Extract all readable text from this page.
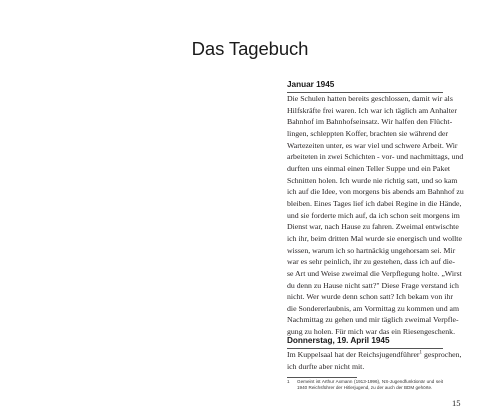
Das Tagebuch
Januar 1945
Die Schulen hatten bereits geschlossen, damit wir als
Hilfskräfte frei waren. Ich war ich täglich am Anhalter
Bahnhof im Bahnhofseinsatz. Wir halfen den Flücht-
lingen, schleppten Koffer, brachten sie während der
Wartezeiten unter, es war viel und schwere Arbeit. Wir
arbeiteten in zwei Schichten - vor- und nachmittags, und
durften uns einmal einen Teller Suppe und ein Paket
Schnitten holen. Ich wurde nie richtig satt, und so kam
ich auf die Idee, von morgens bis abends am Bahnhof zu
bleiben. Eines Tages lief ich dabei Regine in die Hände,
und sie forderte mich auf, da ich schon seit morgens im
Dienst war, nach Hause zu fahren. Zweimal entwischte
ich ihr, beim dritten Mal wurde sie energisch und wollte
wissen, warum ich so hartnäckig ungehorsam sei. Mir
war es sehr peinlich, ihr zu gestehen, dass ich auf die-
se Art und Weise zweimal die Verpflegung holte. „Wirst
du denn zu Hause nicht satt?" Diese Frage verstand ich
nicht. Wer wurde denn schon satt? Ich bekam von ihr
die Sondererlaubnis, am Vormittag zu kommen und am
Nachmittag zu gehen und mir täglich zweimal Verpfle-
gung zu holen. Für mich war das ein Riesengeschenk.
Donnerstag, 19. April 1945
Im Kuppelsaal hat der Reichsjugendführer$^1$ gesprochen,
ich durfte aber nicht mit.
1 Gemeint ist Arthur Axmann (1913-1996), NS-Jugendfunktionär und seit
1940 Reichsführer der Hitlerjugend, zu der auch der BDM gehörte.
15
